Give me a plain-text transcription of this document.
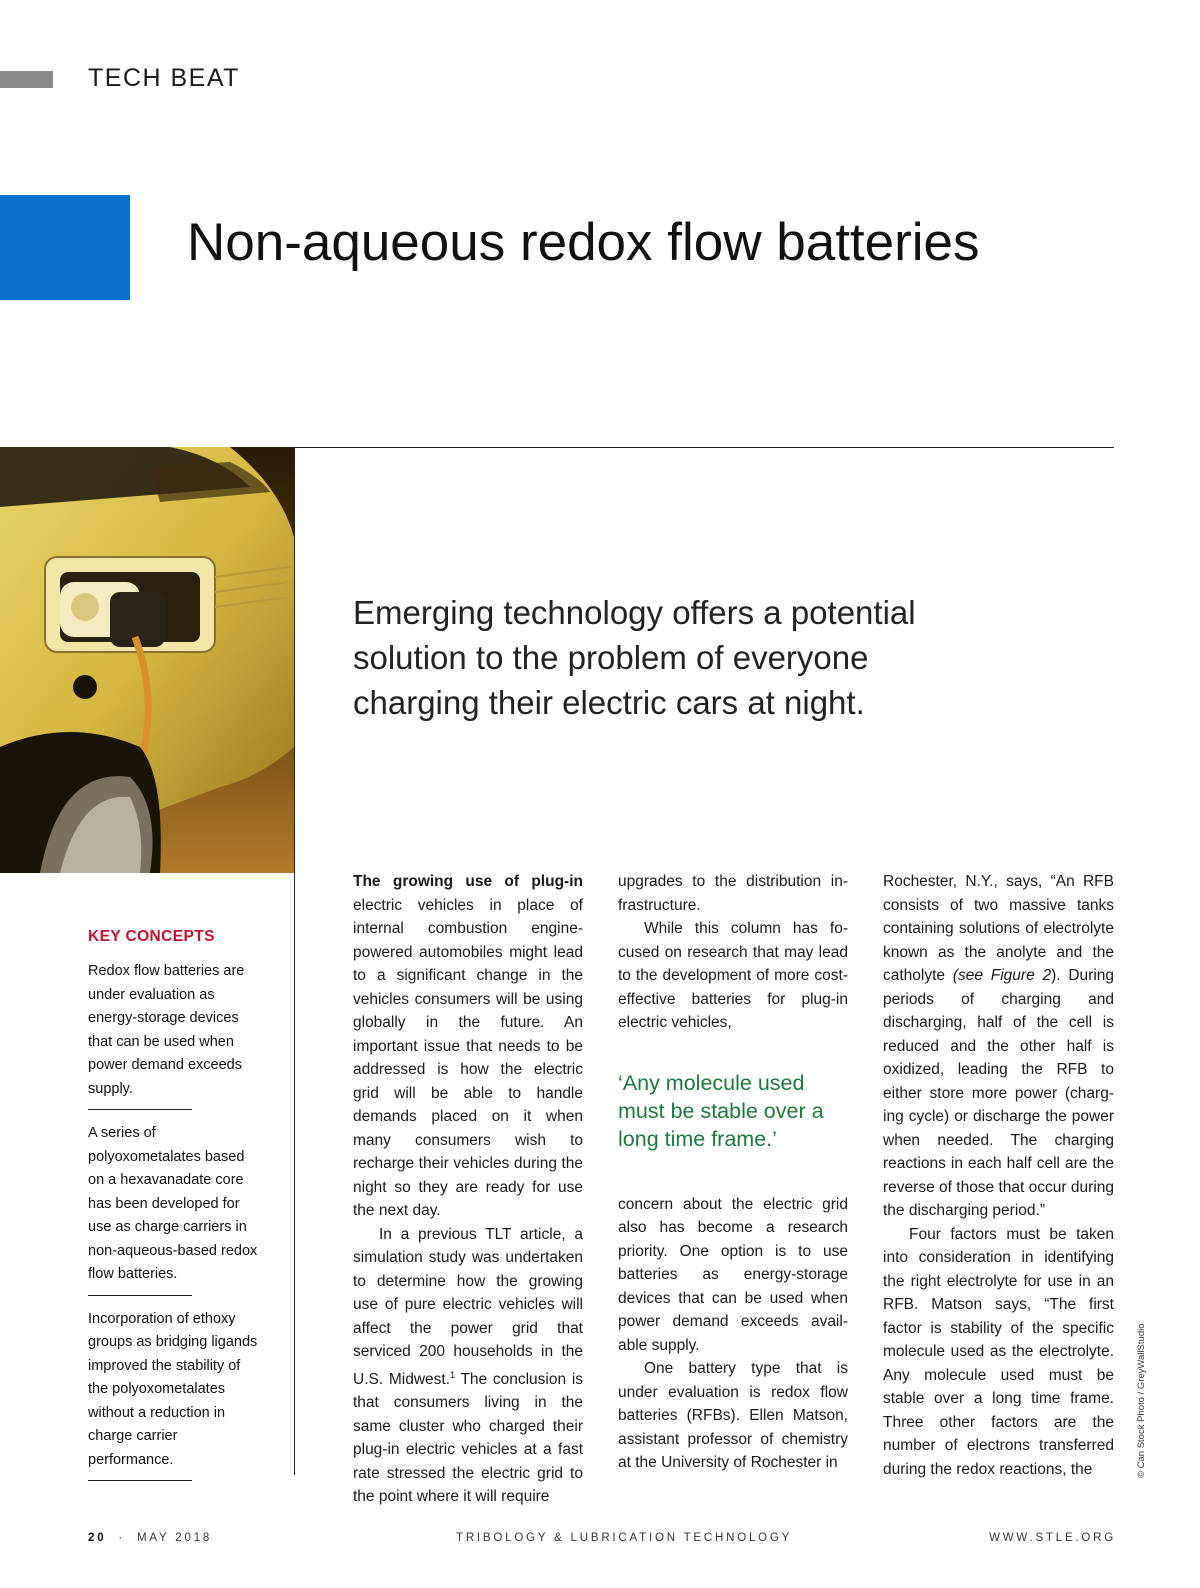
TECH BEAT
Non-aqueous redox flow batteries
Emerging technology offers a potential
solution to the problem of everyone
charging their electric cars at night.
KEY CONCEPTS

Redox flow batteries are under evaluation as energy-storage devices that can be used when power demand exceeds supply.

A series of polyoxometalates based on a hexavanadate core has been developed for use as charge carriers in non-aqueous-based redox flow batteries.

Incorporation of ethoxy groups as bridging ligands improved the stability of the polyoxometalates without a reduction in charge carrier performance.

The growing use of plug-in electric vehicles in place of internal combustion engine-powered automobiles might lead to a significant change in the vehicles consumers will be using globally in the future. An important issue that needs to be addressed is how the electric grid will be able to handle demands placed on it when many consumers wish to recharge their vehicles during the night so they are ready for use the next day.

In a previous TLT article, a simulation study was undertaken to determine how the growing use of pure electric vehicles will affect the power grid that serviced 200 households in the U.S. Midwest.$^1$ The conclusion is that consumers living in the same cluster who charged their plug-in electric vehicles at a fast rate stressed the electric grid to the point where it will require

upgrades to the distribution infrastructure.

While this column has focused on research that may lead to the development of more cost-effective batteries for plug-in electric vehicles,

‘Any molecule used must be stable over a long time frame.’

concern about the electric grid also has become a research priority. One option is to use batteries as energy-storage devices that can be used when power demand exceeds available supply.

One battery type that is under evaluation is redox flow batteries (RFBs). Ellen Matson, assistant professor of chemistry at the University of Rochester in

Rochester, N.Y., says, “An RFB consists of two massive tanks containing solutions of electrolyte known as the anolyte and the catholyte (see Figure 2). During periods of charging and discharging, half of the cell is reduced and the other half is oxidized, leading the RFB to either store more power (charging cycle) or discharge the power when needed. The charging reactions in each half cell are the reverse of those that occur during the discharging period.”

Four factors must be taken into consideration in identifying the right electrolyte for use in an RFB. Matson says, “The first factor is stability of the specific molecule used as the electrolyte. Any molecule used must be stable over a long time frame. Three other factors are the number of electrons transferred during the redox reactions, the	© Can Stock Photo / GreyWallStudio
20 · MAY 2018	TRIBOLOGY & LUBRICATION TECHNOLOGY	WWW.STLE.ORG
